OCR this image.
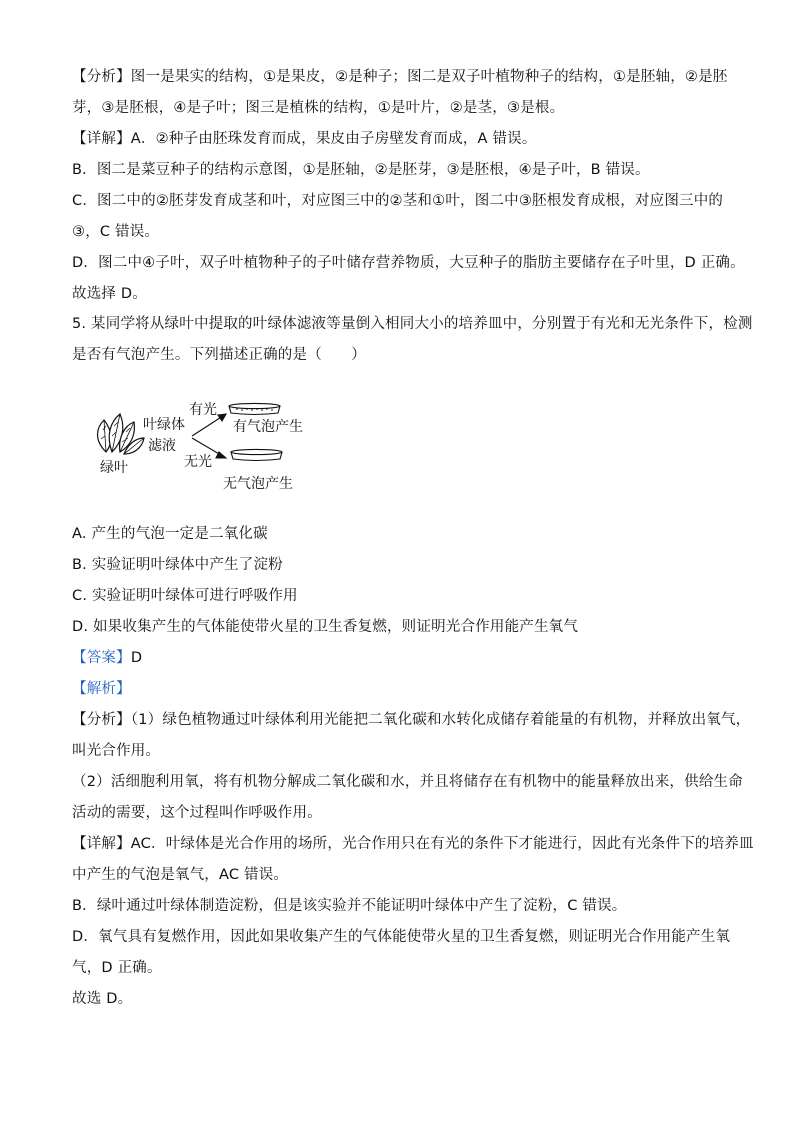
【分析】图一是果实的结构，①是果皮，②是种子；图二是双子叶植物种子的结构，①是胚轴，②是胚
芽，③是胚根，④是子叶；图三是植株的结构，①是叶片，②是茎，③是根。
【详解】A．②种子由胚珠发育而成，果皮由子房壁发育而成，A 错误。
B．图二是菜豆种子的结构示意图，①是胚轴，②是胚芽，③是胚根，④是子叶，B 错误。
C．图二中的②胚芽发育成茎和叶，对应图三中的②茎和①叶，图二中③胚根发育成根，对应图三中的
③，C 错误。
D．图二中④子叶，双子叶植物种子的子叶储存营养物质，大豆种子的脂肪主要储存在子叶里，D 正确。
故选择 D。
5. 某同学将从绿叶中提取的叶绿体滤液等量倒入相同大小的培养皿中，分别置于有光和无光条件下，检测
是否有气泡产生。下列描述正确的是（　　）
绿叶
叶绿体
滤液
有光
无光
有气泡产生
无气泡产生
A. 产生的气泡一定是二氧化碳
B. 实验证明叶绿体中产生了淀粉
C. 实验证明叶绿体可进行呼吸作用
D. 如果收集产生的气体能使带火星的卫生香复燃，则证明光合作用能产生氧气
【答案】D
【解析】
【分析】（1）绿色植物通过叶绿体利用光能把二氧化碳和水转化成储存着能量的有机物，并释放出氧气，
叫光合作用。
（2）活细胞利用氧，将有机物分解成二氧化碳和水，并且将储存在有机物中的能量释放出来，供给生命
活动的需要，这个过程叫作呼吸作用。
【详解】AC．叶绿体是光合作用的场所，光合作用只在有光的条件下才能进行，因此有光条件下的培养皿
中产生的气泡是氧气，AC 错误。
B．绿叶通过叶绿体制造淀粉，但是该实验并不能证明叶绿体中产生了淀粉，C 错误。
D．氧气具有复燃作用，因此如果收集产生的气体能使带火星的卫生香复燃，则证明光合作用能产生氧
气，D 正确。
故选 D。
